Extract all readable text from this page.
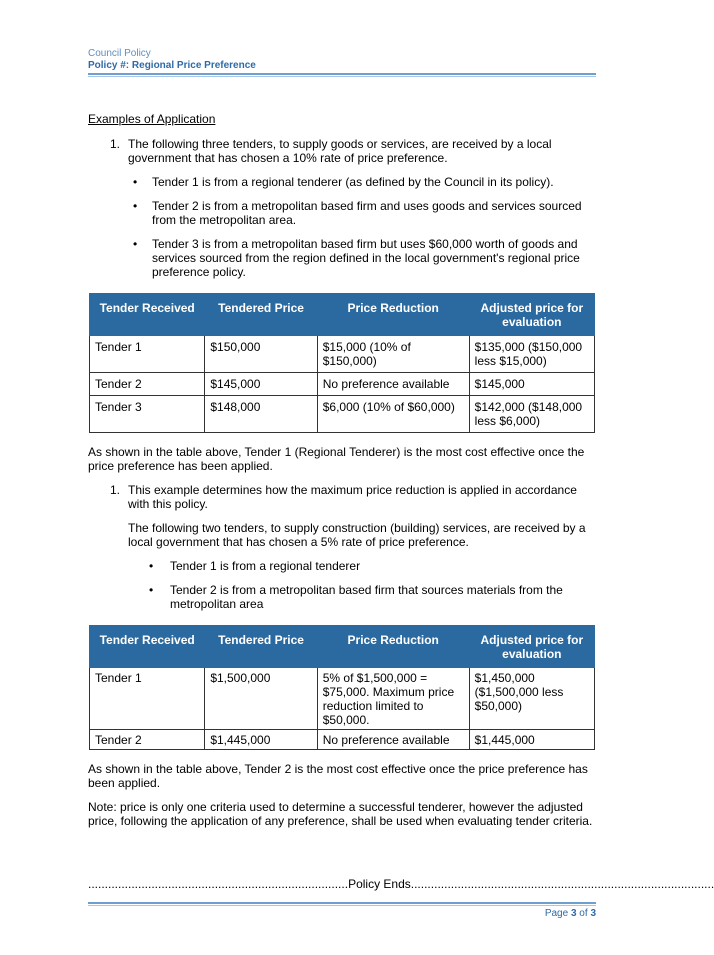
Council Policy
Policy #: Regional Price Preference

Examples of Application

1. The following three tenders, to supply goods or services, are received by a local government that has chosen a 10% rate of price preference.
• Tender 1 is from a regional tenderer (as defined by the Council in its policy).
• Tender 2 is from a metropolitan based firm and uses goods and services sourced from the metropolitan area.
• Tender 3 is from a metropolitan based firm but uses $60,000 worth of goods and services sourced from the region defined in the local government's regional price preference policy.
Tender Received	Tendered Price	Price Reduction	Adjusted price for evaluation
Tender 1	$150,000	$15,000 (10% of $150,000)	$135,000 ($150,000 less $15,000)
Tender 2	$145,000	No preference available	$145,000
Tender 3	$148,000	$6,000 (10% of $60,000)	$142,000 ($148,000 less $6,000)

As shown in the table above, Tender 1 (Regional Tenderer) is the most cost effective once the price preference has been applied.

1. This example determines how the maximum price reduction is applied in accordance with this policy.

The following two tenders, to supply construction (building) services, are received by a local government that has chosen a 5% rate of price preference.

• Tender 1 is from a regional tenderer
• Tender 2 is from a metropolitan based firm that sources materials from the metropolitan area
Tender Received	Tendered Price	Price Reduction	Adjusted price for evaluation
Tender 1	$1,500,000	5% of $1,500,000 = $75,000. Maximum price reduction limited to $50,000.	$1,450,000 ($1,500,000 less $50,000)
Tender 2	$1,445,000	No preference available	$1,445,000

As shown in the table above, Tender 2 is the most cost effective once the price preference has been applied.

Note: price is only one criteria used to determine a successful tenderer, however the adjusted price, following the application of any preference, shall be used when evaluating tender criteria.

..............................................................................Policy Ends...........................................................................................
Page 3 of 3
